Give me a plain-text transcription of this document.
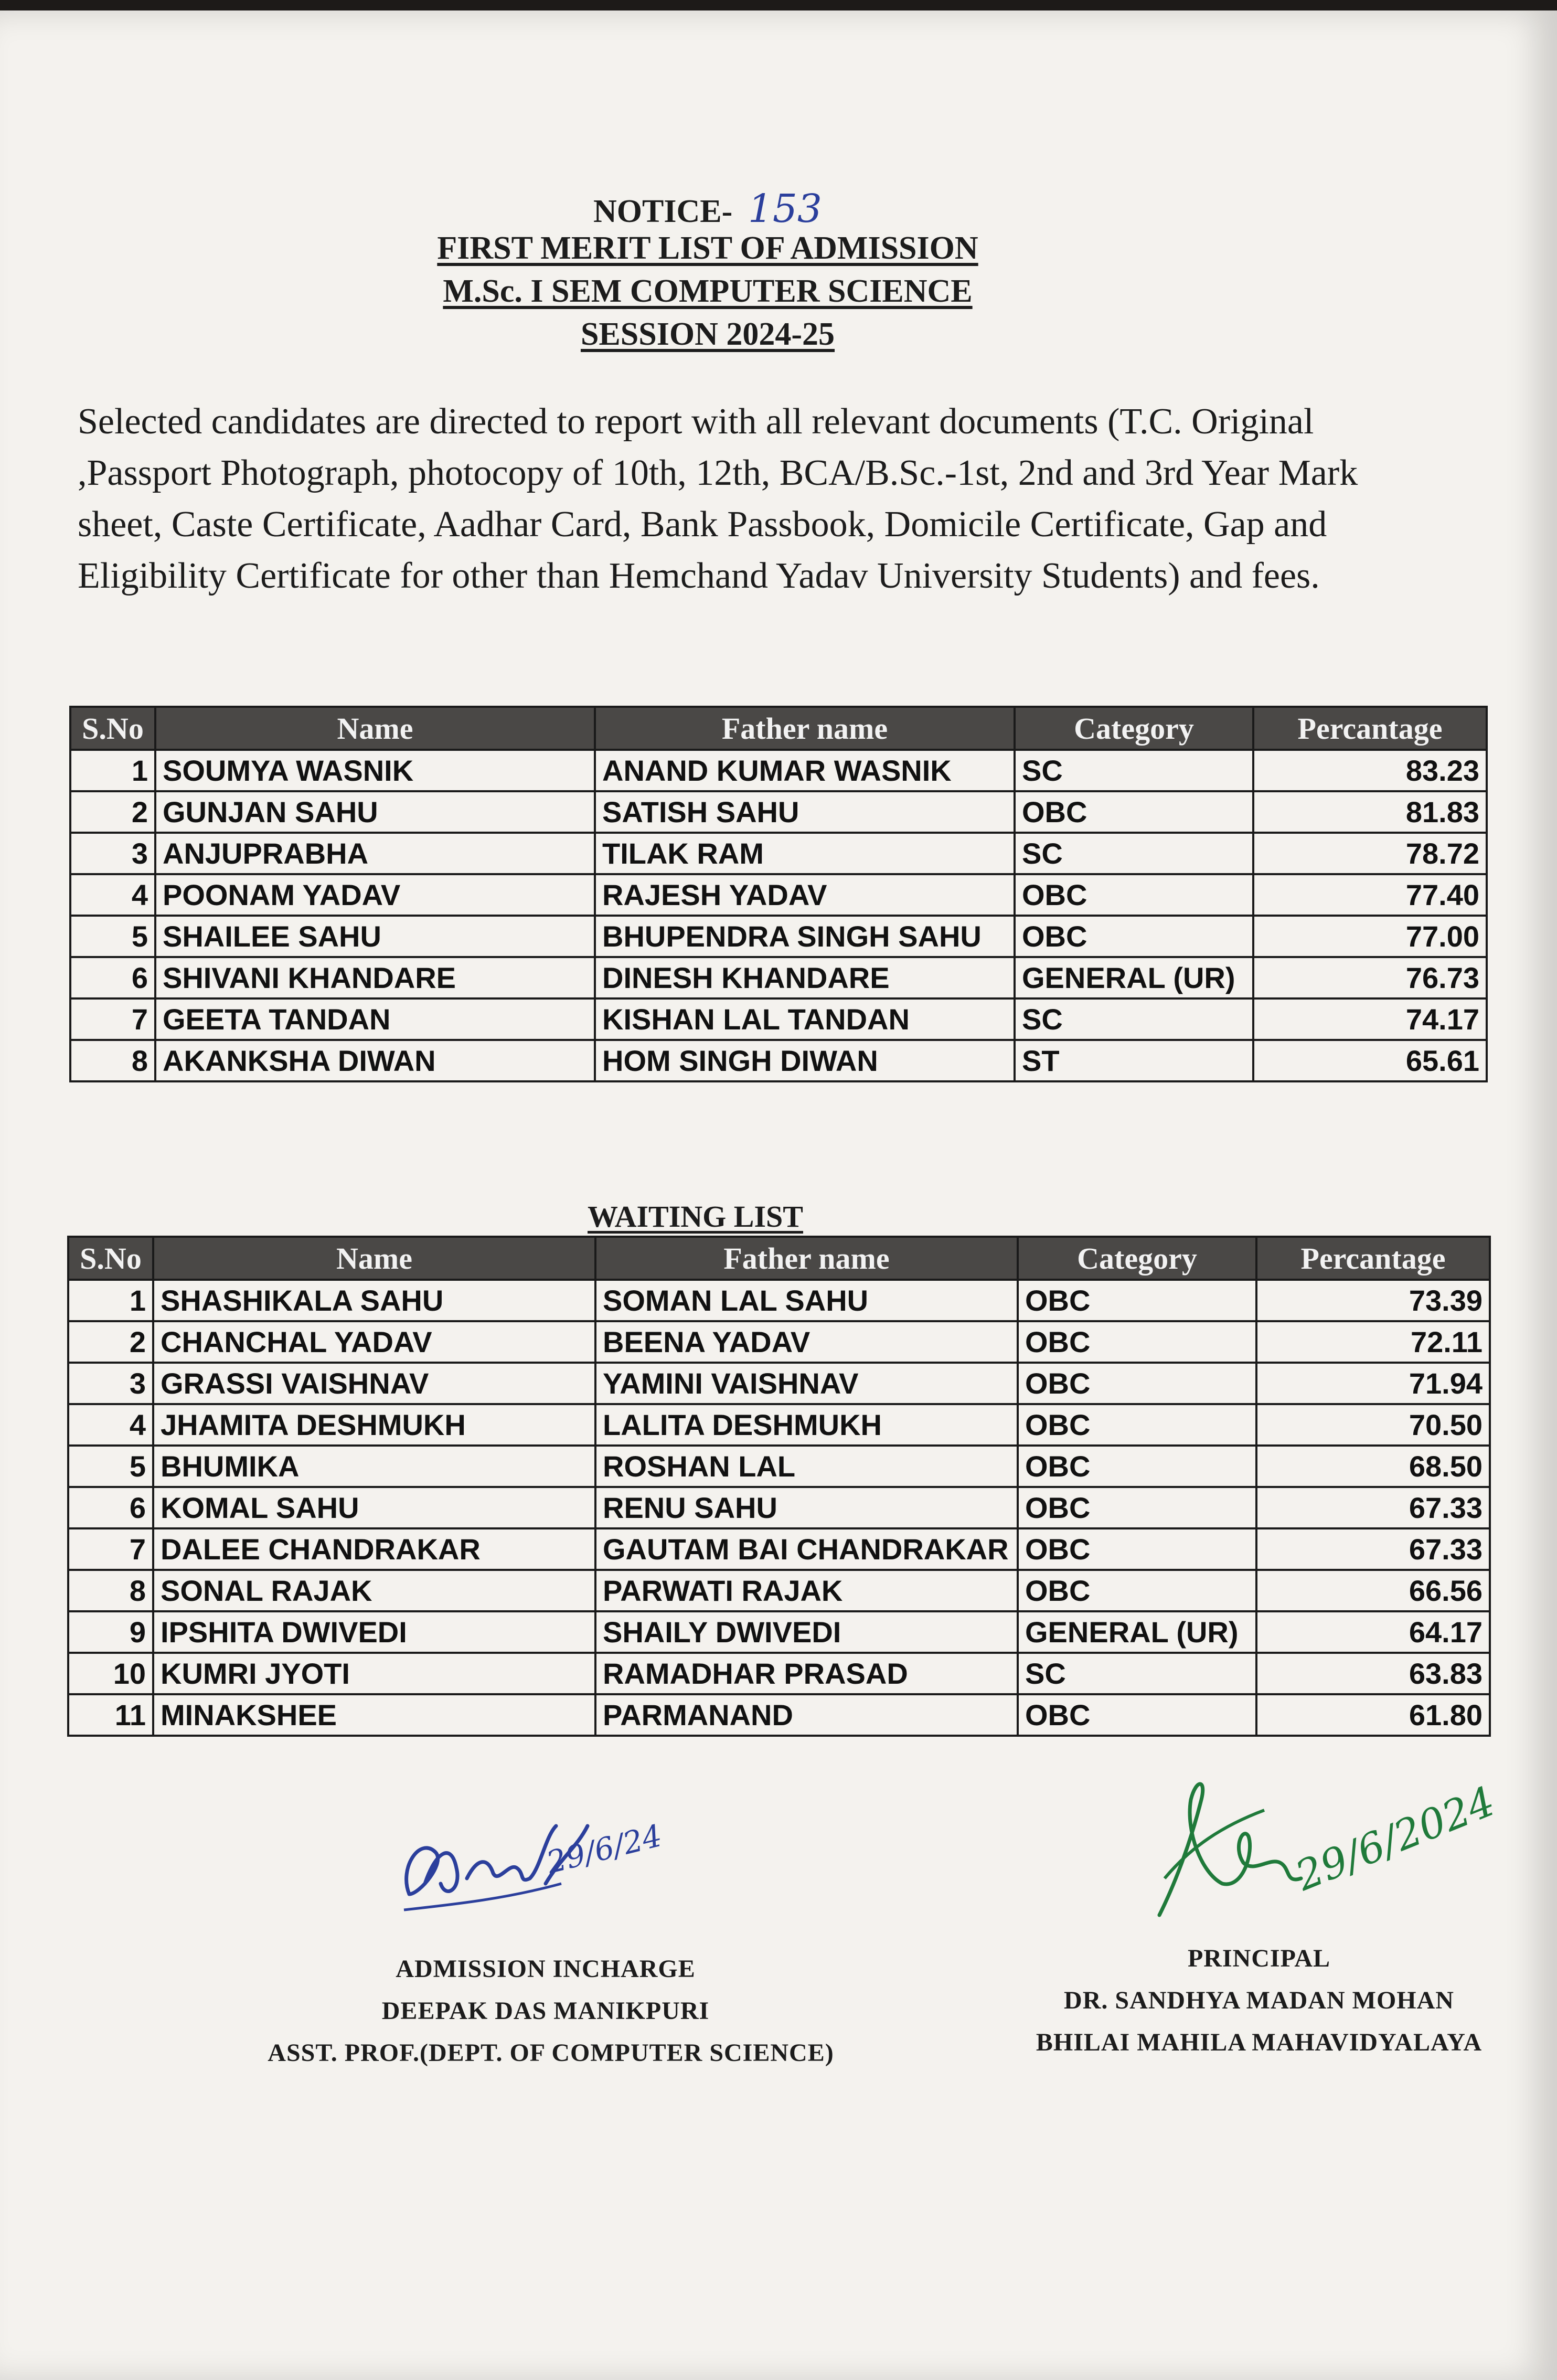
NOTICE- 153
FIRST MERIT LIST OF ADMISSION
M.Sc. I SEM COMPUTER SCIENCE
SESSION 2024-25
Selected candidates are directed to report with all relevant documents (T.C. Original ,Passport Photograph, photocopy of 10th, 12th, BCA/B.Sc.-1st, 2nd and 3rd Year Mark sheet, Caste Certificate, Aadhar Card, Bank Passbook, Domicile Certificate, Gap and Eligibility Certificate for other than Hemchand Yadav University Students) and fees.
S.No	Name	Father name	Category	Percantage
1	SOUMYA WASNIK	ANAND KUMAR WASNIK	SC	83.23
2	GUNJAN SAHU	SATISH SAHU	OBC	81.83
3	ANJUPRABHA	TILAK RAM	SC	78.72
4	POONAM YADAV	RAJESH YADAV	OBC	77.40
5	SHAILEE SAHU	BHUPENDRA SINGH SAHU	OBC	77.00
6	SHIVANI KHANDARE	DINESH KHANDARE	GENERAL (UR)	76.73
7	GEETA TANDAN	KISHAN LAL TANDAN	SC	74.17
8	AKANKSHA DIWAN	HOM SINGH DIWAN	ST	65.61
WAITING LIST
S.No	Name	Father name	Category	Percantage
1	SHASHIKALA SAHU	SOMAN LAL SAHU	OBC	73.39
2	CHANCHAL YADAV	BEENA YADAV	OBC	72.11
3	GRASSI VAISHNAV	YAMINI VAISHNAV	OBC	71.94
4	JHAMITA DESHMUKH	LALITA DESHMUKH	OBC	70.50
5	BHUMIKA	ROSHAN LAL	OBC	68.50
6	KOMAL SAHU	RENU SAHU	OBC	67.33
7	DALEE CHANDRAKAR	GAUTAM BAI CHANDRAKAR	OBC	67.33
8	SONAL RAJAK	PARWATI RAJAK	OBC	66.56
9	IPSHITA DWIVEDI	SHAILY DWIVEDI	GENERAL (UR)	64.17
10	KUMRI JYOTI	RAMADHAR PRASAD	SC	63.83
11	MINAKSHEE	PARMANAND	OBC	61.80
29/6/24
ADMISSION INCHARGE
DEEPAK DAS MANIKPURI
ASST. PROF.(DEPT. OF COMPUTER SCIENCE)
29/6/2024
PRINCIPAL
DR. SANDHYA MADAN MOHAN
BHILAI MAHILA MAHAVIDYALAYA
